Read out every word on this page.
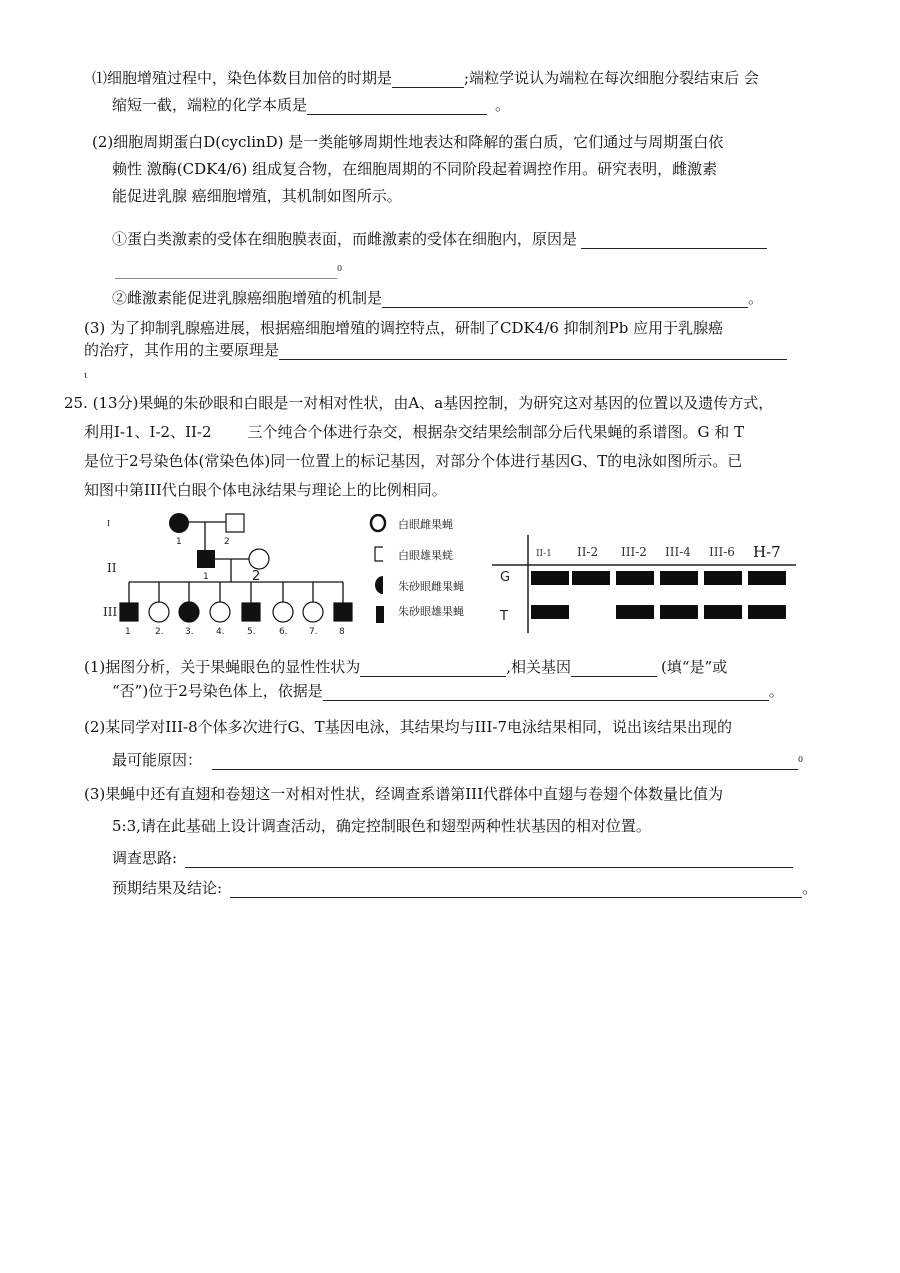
⑴细胞增殖过程中，染色体数目加倍的时期是	;端粒学说认为端粒在每次细胞分裂结束后 会
缩短一截，端粒的化学本质是	。
(2)细胞周期蛋白D(cyclinD) 是一类能够周期性地表达和降解的蛋白质，它们通过与周期蛋白依
赖性 激酶(CDK4/6) 组成复合物，在细胞周期的不同阶段起着调控作用。研究表明，雌激素
能促进乳腺 癌细胞增殖，其机制如图所示。
①蛋白类激素的受体在细胞膜表面，而雌激素的受体在细胞内，原因是
0
②雌激素能促进乳腺癌细胞增殖的机制是	。
(3) 为了抑制乳腺癌进展，根据癌细胞增殖的调控特点，研制了CDK4/6 抑制剂Pb 应用于乳腺癌
的治疗，其作用的主要原理是
ι
25. (13分)果蝇的朱砂眼和白眼是一对相对性状，由A、a基因控制，为研究这对基因的位置以及遗传方式，
利用I-1、I-2、II-2 三个纯合个体进行杂交，根据杂交结果绘制部分后代果蝇的系谱图。G 和 T
是位于2号染色体(常染色体)同一位置上的标记基因，对部分个体进行基因G、T的电泳如图所示。已
知图中第III代白眼个体电泳结果与理论上的比例相同。
I
II
III
1	2
1	2
1	2. 3. 4. 5.	6. 7. 8
白眼雌果蝇
白眼雄果蜣
朱砂眼雌果蝇
朱砂眼雄果蝇
II-1 II-2 III-2 III-4 III-6 H-7
G
T
(1)据图分析，关于果蝇眼色的显性性状为	,相关基因	(填“是”或
“否”)位于2号染色体上，依据是	。
(2)某同学对III-8个体多次进行G、T基因电泳，其结果均与III-7电泳结果相同，说出该结果出现的
最可能原因：	0
(3)果蝇中还有直翅和卷翅这一对相对性状，经调查系谱第III代群体中直翅与卷翅个体数量比值为
5:3,请在此基础上设计调查活动，确定控制眼色和翅型两种性状基因的相对位置。
调查思路:
预期结果及结论:	。
